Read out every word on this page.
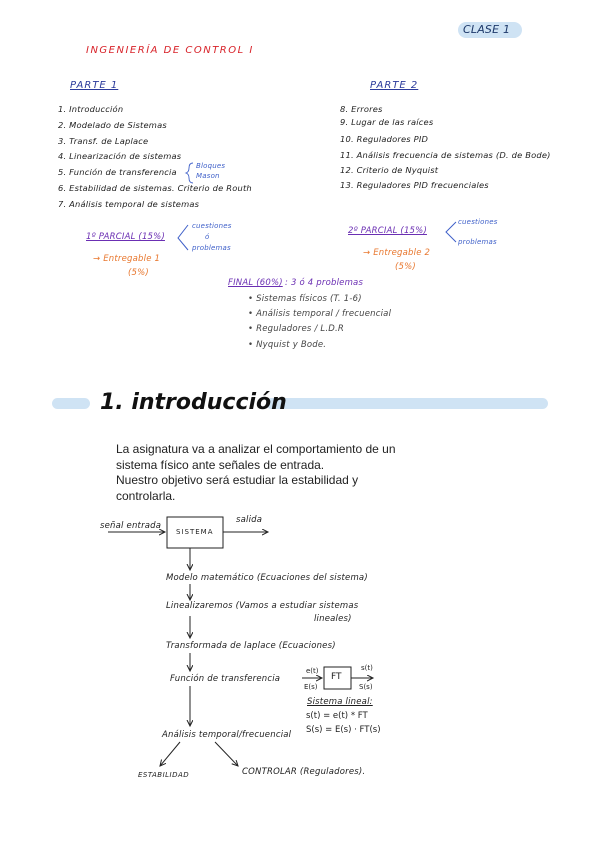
CLASE 1
INGENIERÍA DE CONTROL I
PARTE 1
1. Introducción
2. Modelado de Sistemas
3. Transf. de Laplace
4. Linearización de sistemas
5. Función de transferencia
Bloques
Mason
6. Estabilidad de sistemas. Criterio de Routh
7. Análisis temporal de sistemas
PARTE 2
8. Errores
9. Lugar de las raíces
10. Reguladores PID
11. Análisis frecuencia de sistemas (D. de Bode)
12. Criterio de Nyquist
13. Reguladores PID frecuenciales
1º PARCIAL (15%)
cuestiones
ó
problemas
→ Entregable 1
(5%)
2º PARCIAL (15%)
cuestiones
problemas
→ Entregable 2
(5%)
FINAL (60%) : 3 ó 4 problemas
• Sistemas físicos (T. 1-6)
• Análisis temporal / frecuencial
• Reguladores / L.D.R
• Nyquist y Bode.
1. introducción
La asignatura va a analizar el comportamiento de un
sistema físico ante señales de entrada.
Nuestro objetivo será estudiar la estabilidad y
controlarla.
señal entrada
SISTEMA
salida
Modelo matemático (Ecuaciones del sistema)
Linealizaremos (Vamos a estudiar sistemas
lineales)
Transformada de laplace (Ecuaciones)
Función de transferencia	FT
e(t)
E(s)
s(t)
S(s)
Sistema lineal:
s(t) = e(t) * FT
S(s) = E(s) · FT(s)
Análisis temporal/frecuencial
ESTABILIDAD	CONTROLAR (Reguladores).
